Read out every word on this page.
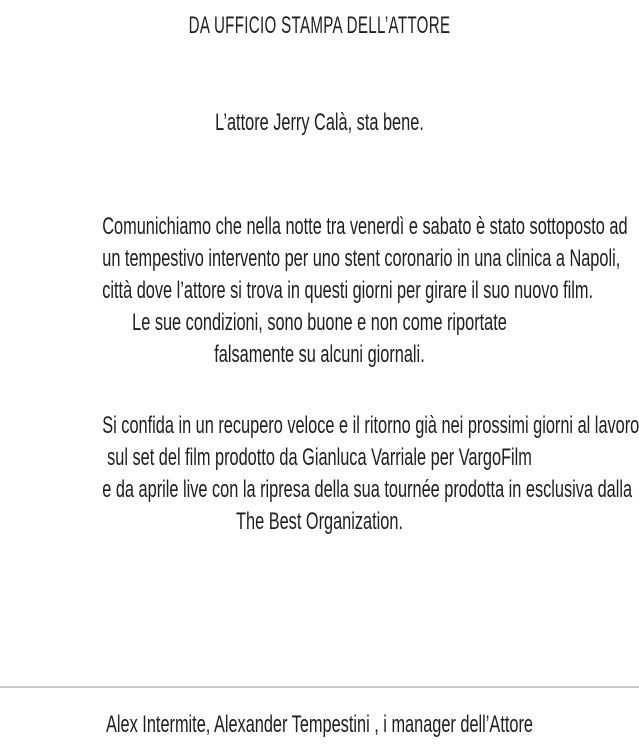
DA UFFICIO STAMPA DELL’ATTORE
L’attore Jerry Calà, sta bene.
Comunichiamo che nella notte tra venerdì e sabato è stato sottoposto ad
un tempestivo intervento per uno stent coronario in una clinica a Napoli,
città dove l’attore si trova in questi giorni per girare il suo nuovo film.
Le sue condizioni, sono buone e non come riportate
falsamente su alcuni giornali.
Si confida in un recupero veloce e il ritorno già nei prossimi giorni al lavoro
sul set del film prodotto da Gianluca Varriale per VargoFilm
e da aprile live con la ripresa della sua tournée prodotta in esclusiva dalla
The Best Organization.
Alex Intermite, Alexander Tempestini , i manager dell’Attore
